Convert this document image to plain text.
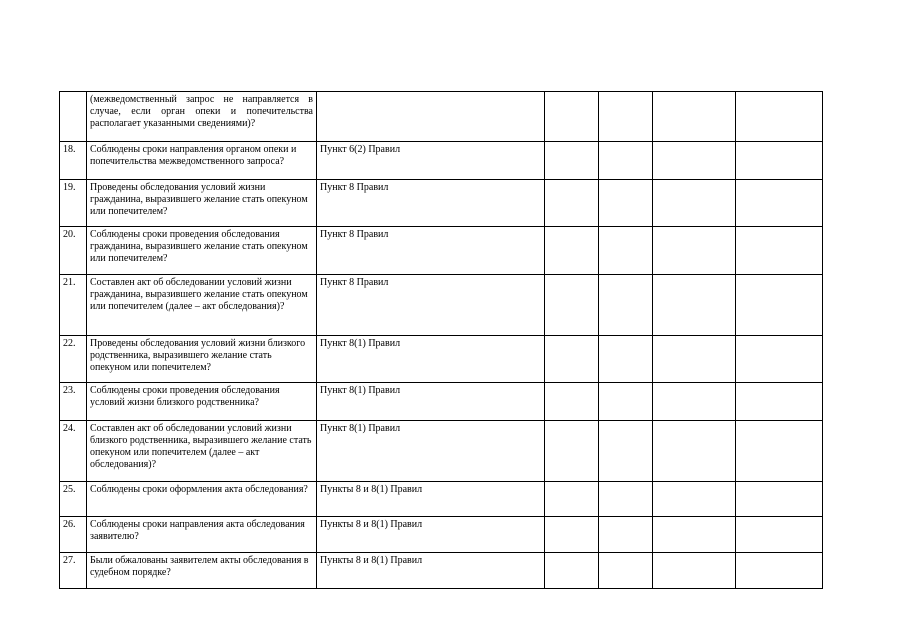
	(межведомственный запрос не направляется в случае, если орган опеки и попечительства располагает указанными сведениями)?					
18.	Соблюдены сроки направления органом опеки и попечительства межведомственного запроса?	Пункт 6(2) Правил				
19.	Проведены обследования условий жизни гражданина, выразившего желание стать опекуном или попечителем?	Пункт 8 Правил				
20.	Соблюдены сроки проведения обследования гражданина, выразившего желание стать опекуном или попечителем?	Пункт 8 Правил				
21.	Составлен акт об обследовании условий жизни гражданина, выразившего желание стать опекуном или попечителем (далее – акт обследования)?	Пункт 8 Правил				
22.	Проведены обследования условий жизни близкого родственника, выразившего желание стать опекуном или попечителем?	Пункт 8(1) Правил				
23.	Соблюдены сроки проведения обследования условий жизни близкого родственника?	Пункт 8(1) Правил				
24.	Составлен акт об обследовании условий жизни близкого родственника, выразившего желание стать опекуном или попечителем (далее – акт обследования)?	Пункт 8(1) Правил				
25.	Соблюдены сроки оформления акта обследования?	Пункты 8 и 8(1) Правил				
26.	Соблюдены сроки направления акта обследования заявителю?	Пункты 8 и 8(1) Правил				
27.	Были обжалованы заявителем акты обследования в судебном порядке?	Пункты 8 и 8(1) Правил				
